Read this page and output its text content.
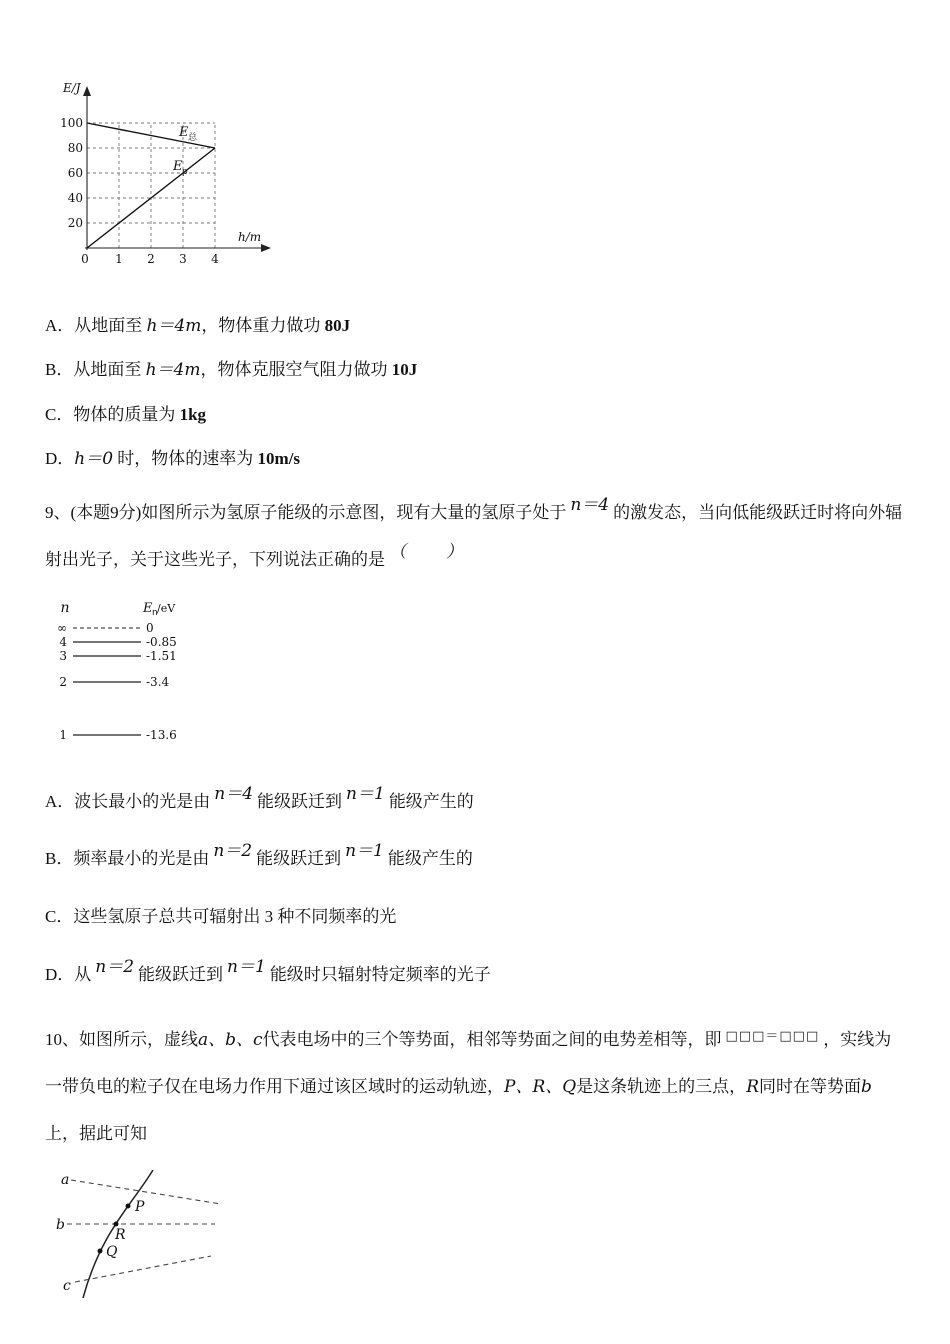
E/J
h/m
100
80
60
40
20
0 1 2 3 4
E 总
E p
A．从地面至 h＝4m，物体重力做功 80J
B．从地面至 h＝4m，物体克服空气阻力做功 10J
C．物体的质量为 1kg
D．h＝0 时，物体的速率为 10m/s

9、(本题9分)如图所示为氢原子能级的示意图，现有大量的氢原子处于 n＝4 的激发态，当向低能级跃迁时将向外辐射出光子，关于这些光子，下列说法正确的是 （　　）

n	E n /eV
∞	0
4	-0.85
3	-1.51
2	-3.4
1	-13.6
A．波长最小的光是由 n＝4 能级跃迁到 n＝1 能级产生的
B．频率最小的光是由 n＝2 能级跃迁到 n＝1 能级产生的
C．这些氢原子总共可辐射出 3 种不同频率的光
D．从 n＝2 能级跃迁到 n＝1 能级时只辐射特定频率的光子

10、如图所示，虚线a、b、c代表电场中的三个等势面，相邻等势面之间的电势差相等，即 □□□＝□□□ ，实线为一带负电的粒子仅在电场力作用下通过该区域时的运动轨迹，P、R、Q是这条轨迹上的三点，R同时在等势面b上，据此可知

a
b
c
P
R
Q
